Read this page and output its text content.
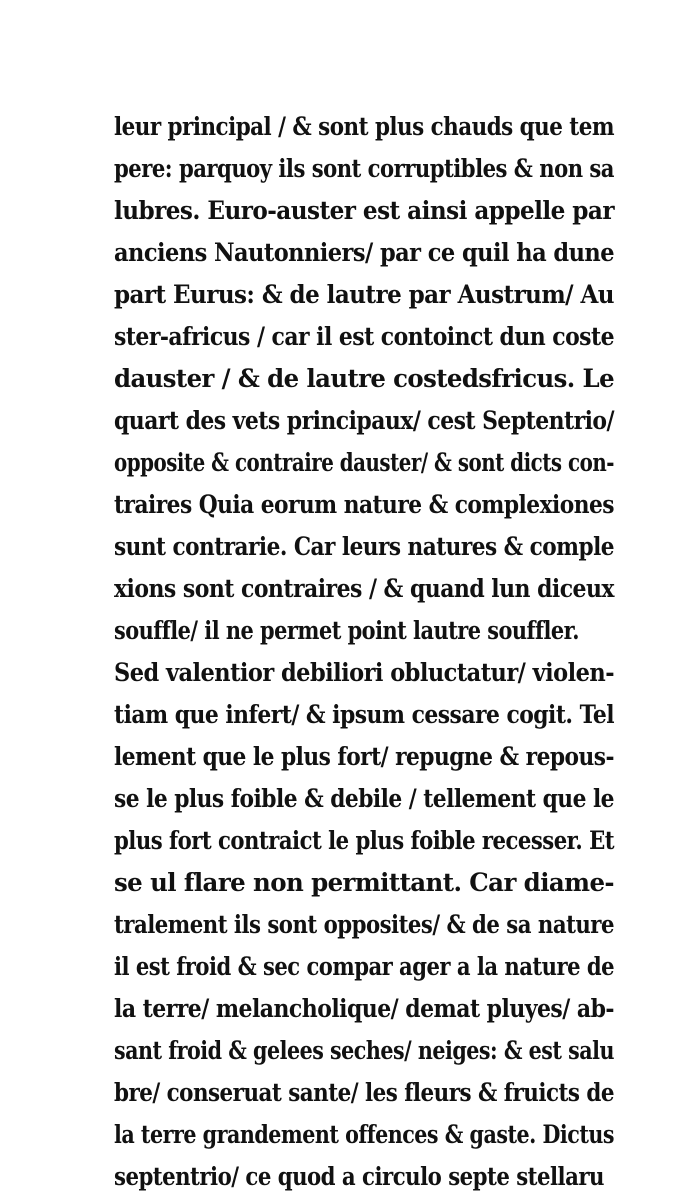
leur principal / & sont plus chauds que tem
pere: parquoy ils sont corruptibles & non sa
lubres. Euro-auster est ainsi appelle par
anciens Nautonniers/ par ce quil ha dune
part Eurus: & de lautre par Austrum/ Au
ster-africus / car il est contoinct dun coste
dauster / & de lautre costedsfricus. Le
quart des vets principaux/ cest Septentrio/
opposite & contraire dauster/ & sont dicts con-
traires Quia eorum nature & complexiones
sunt contrarie. Car leurs natures & comple
xions sont contraires / & quand lun diceux
souffle/ il ne permet point lautre souffler.
Sed valentior debiliori obluctatur/ violen-
tiam que infert/ & ipsum cessare cogit. Tel
lement que le plus fort/ repugne & repous-
se le plus foible & debile / tellement que le
plus fort contraict le plus foible recesser. Et
se ul flare non permittant. Car diame-
tralement ils sont opposites/ & de sa nature
il est froid & sec compar ager a la nature de
la terre/ melancholique/ demat pluyes/ ab-
sant froid & gelees seches/ neiges: & est salu
bre/ conseruat sante/ les fleurs & fruicts de
la terre grandement offences & gaste. Dictus
septentrio/ ce quod a circulo septe stellaru
